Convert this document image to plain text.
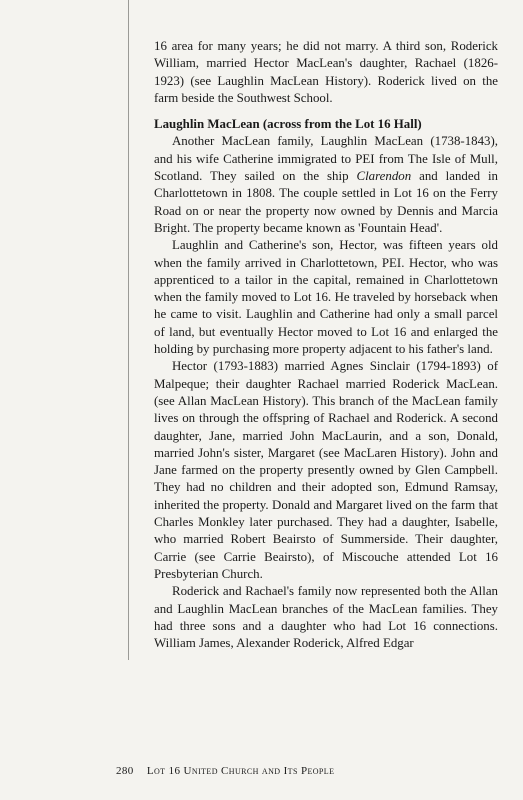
16 area for many years; he did not marry. A third son, Roderick William, married Hector MacLean's daughter, Rachael (1826-1923) (see Laughlin MacLean History). Roderick lived on the farm beside the Southwest School.

Laughlin MacLean (across from the Lot 16 Hall)

Another MacLean family, Laughlin MacLean (1738-1843), and his wife Catherine immigrated to PEI from The Isle of Mull, Scotland. They sailed on the ship Clarendon and landed in Charlottetown in 1808. The couple settled in Lot 16 on the Ferry Road on or near the property now owned by Dennis and Marcia Bright. The property became known as 'Fountain Head'.

Laughlin and Catherine's son, Hector, was fifteen years old when the family arrived in Charlottetown, PEI. Hector, who was apprenticed to a tailor in the capital, remained in Charlottetown when the family moved to Lot 16. He traveled by horseback when he came to visit. Laughlin and Catherine had only a small parcel of land, but eventually Hector moved to Lot 16 and enlarged the holding by purchasing more property adjacent to his father's land.

Hector (1793-1883) married Agnes Sinclair (1794-1893) of Malpeque; their daughter Rachael married Roderick MacLean. (see Allan MacLean History). This branch of the MacLean family lives on through the offspring of Rachael and Roderick. A second daughter, Jane, married John MacLaurin, and a son, Donald, married John's sister, Margaret (see MacLaren History). John and Jane farmed on the property presently owned by Glen Campbell. They had no children and their adopted son, Edmund Ramsay, inherited the property. Donald and Margaret lived on the farm that Charles Monkley later purchased. They had a daughter, Isabelle, who married Robert Beairsto of Summerside. Their daughter, Carrie (see Carrie Beairsto), of Miscouche attended Lot 16 Presbyterian Church.

Roderick and Rachael's family now represented both the Allan and Laughlin MacLean branches of the MacLean families. They had three sons and a daughter who had Lot 16 connections. William James, Alexander Roderick, Alfred Edgar

280 Lot 16 United Church and Its People
